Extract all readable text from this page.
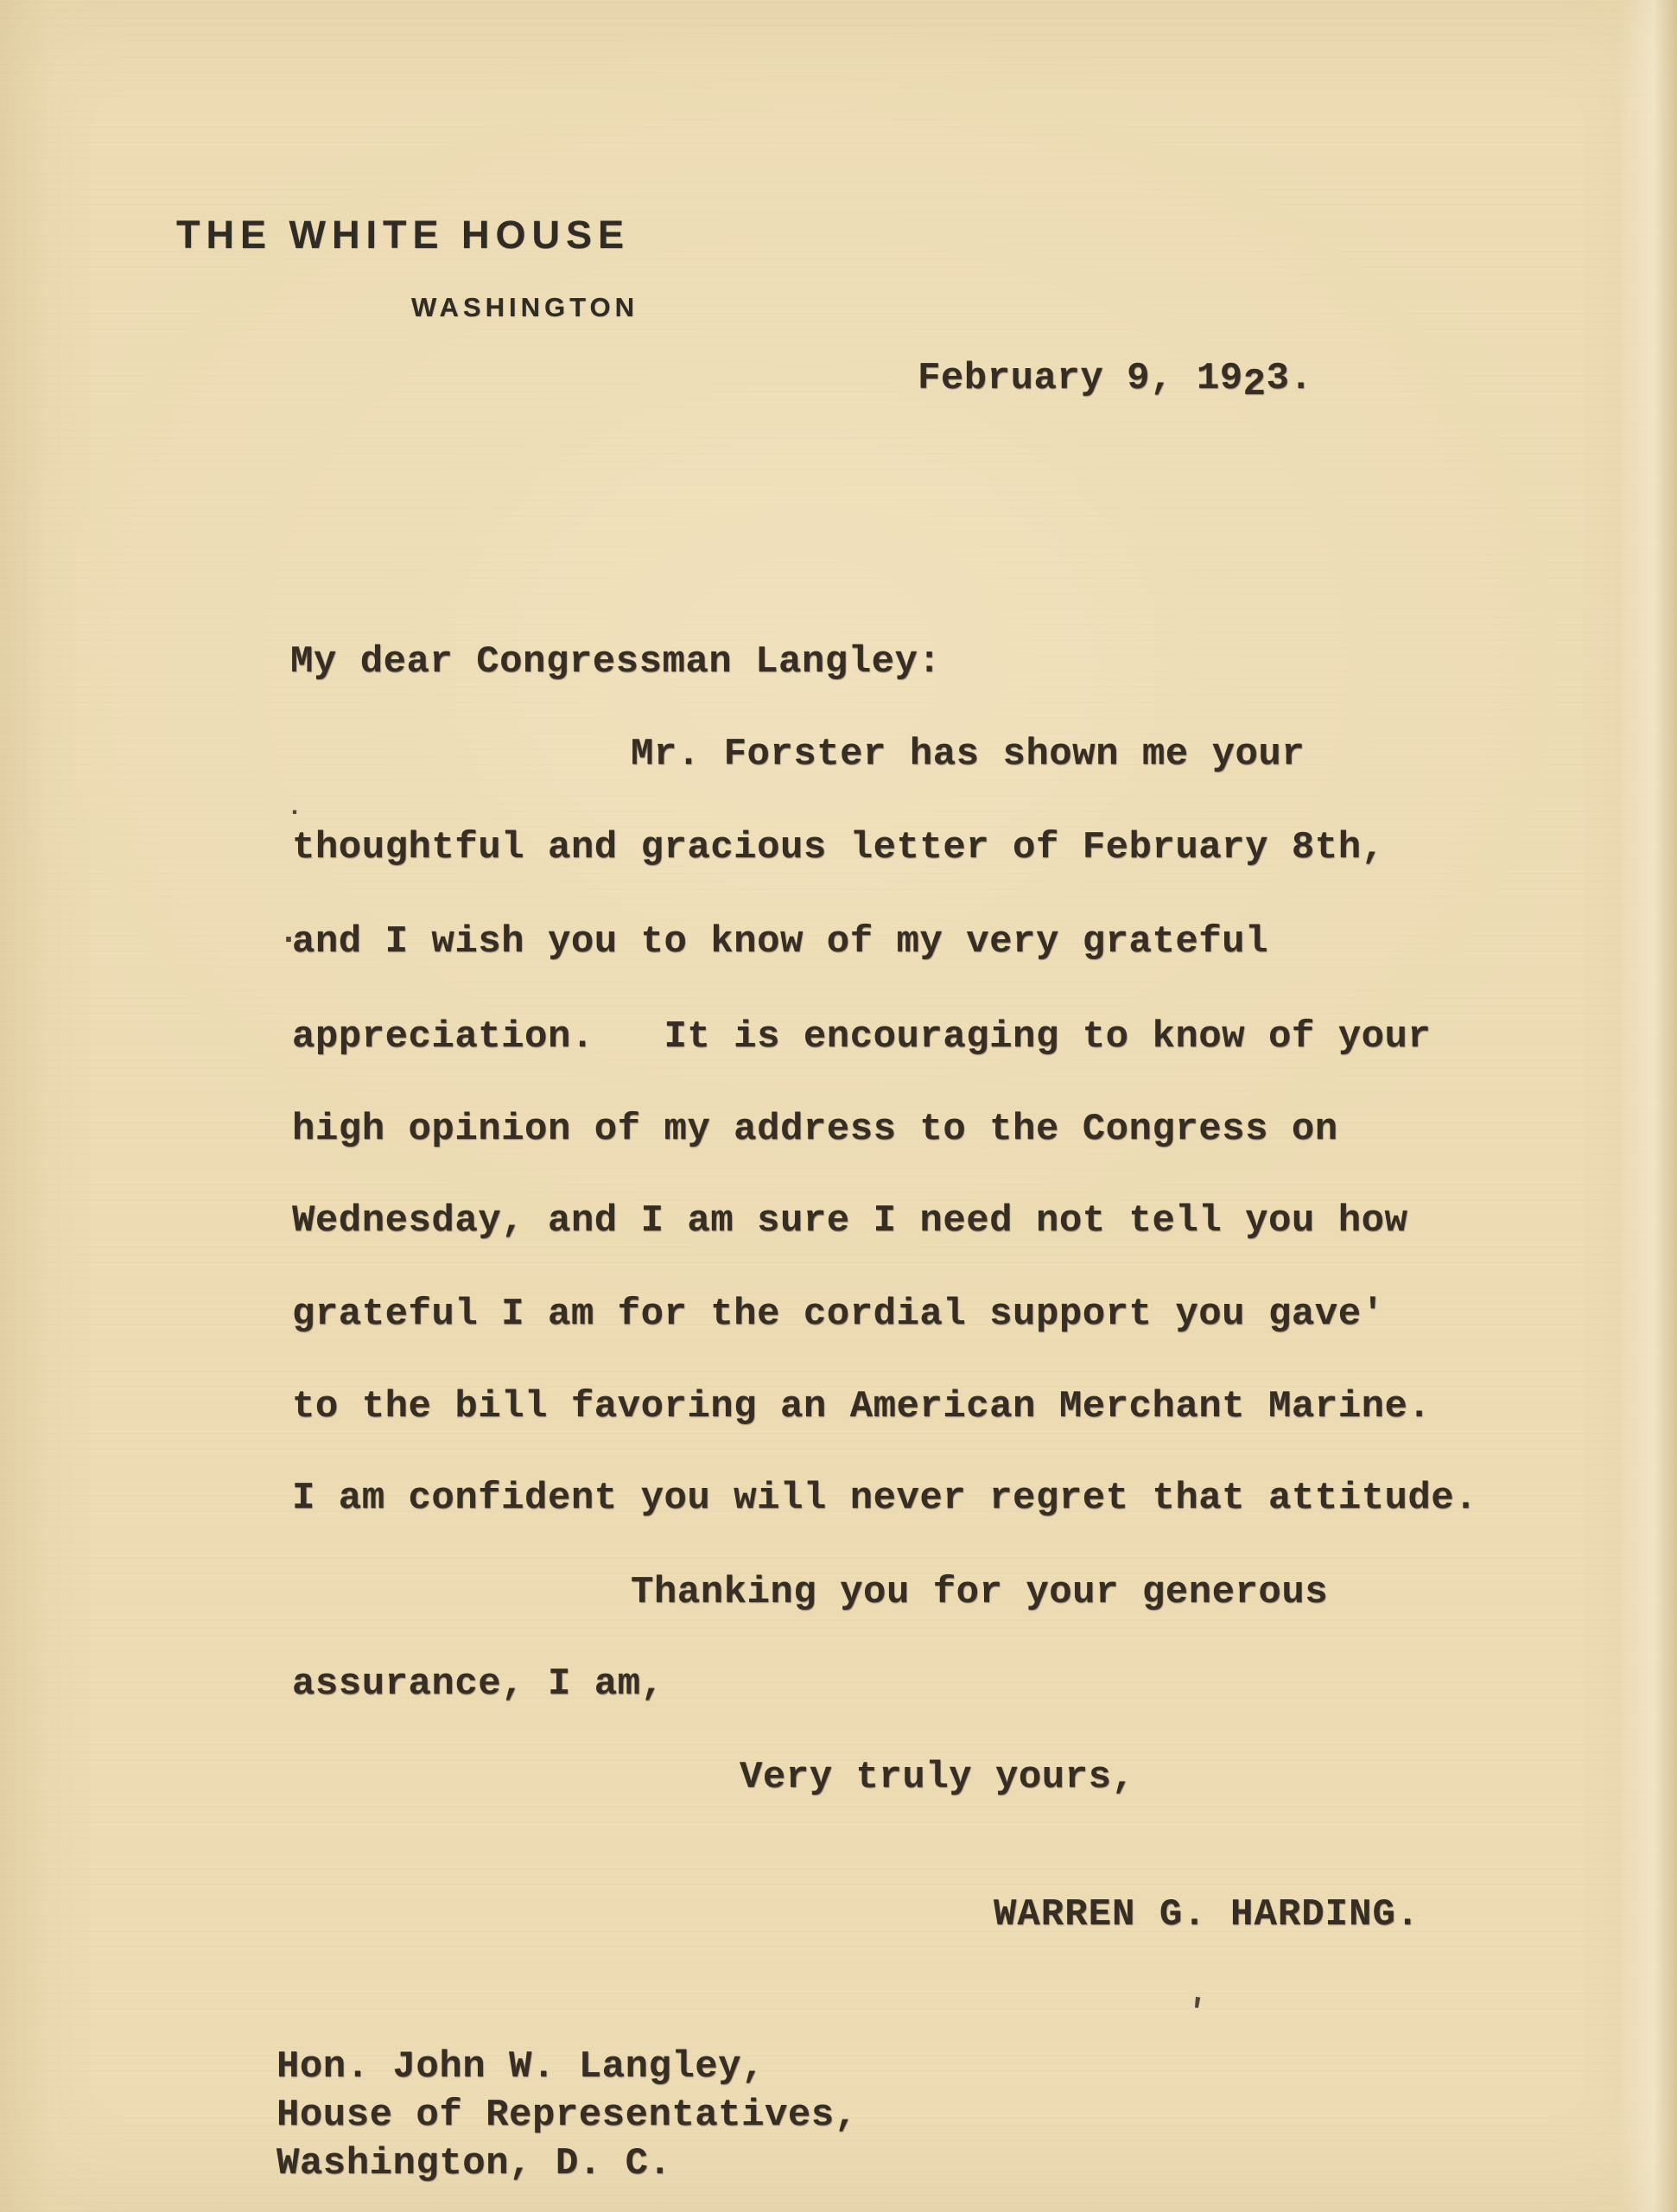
THE WHITE HOUSE
WASHINGTON
February 9, 1923.
My dear Congressman Langley:
Mr. Forster has shown me your
thoughtful and gracious letter of February 8th,
and I wish you to know of my very grateful
appreciation.   It is encouraging to know of your
high opinion of my address to the Congress on
Wednesday, and I am sure I need not tell you how
grateful I am for the cordial support you gave'
to the bill favoring an American Merchant Marine.
I am confident you will never regret that attitude.
Thanking you for your generous
assurance, I am,
Very truly yours,
WARREN G. HARDING.
Hon. John W. Langley,
House of Representatives,
Washington, D. C.
.
.
'
